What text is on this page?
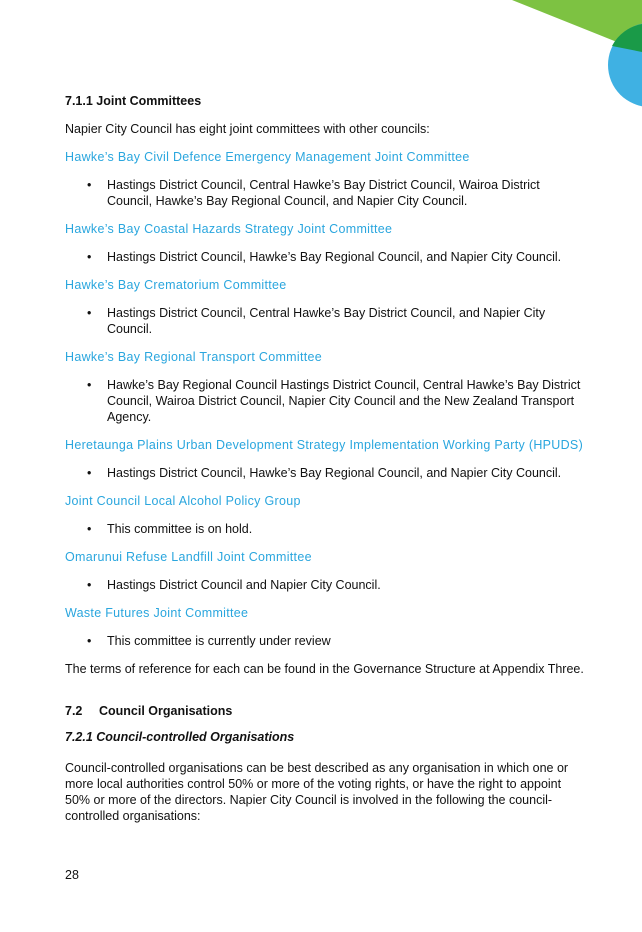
7.1.1 Joint Committees
Napier City Council has eight joint committees with other councils:
Hawke’s Bay Civil Defence Emergency Management Joint Committee
• Hastings District Council, Central Hawke’s Bay District Council, Wairoa District Council, Hawke’s Bay Regional Council, and Napier City Council.
Hawke’s Bay Coastal Hazards Strategy Joint Committee
• Hastings District Council, Hawke’s Bay Regional Council, and Napier City Council.
Hawke’s Bay Crematorium Committee
• Hastings District Council, Central Hawke’s Bay District Council, and Napier City Council.
Hawke’s Bay Regional Transport Committee
• Hawke’s Bay Regional Council Hastings District Council, Central Hawke’s Bay District Council, Wairoa District Council, Napier City Council and the New Zealand Transport Agency.
Heretaunga Plains Urban Development Strategy Implementation Working Party (HPUDS)
• Hastings District Council, Hawke’s Bay Regional Council, and Napier City Council.
Joint Council Local Alcohol Policy Group
• This committee is on hold.
Omarunui Refuse Landfill Joint Committee
• Hastings District Council and Napier City Council.
Waste Futures Joint Committee
• This committee is currently under review
The terms of reference for each can be found in the Governance Structure at Appendix Three.
7.2 Council Organisations
7.2.1 Council-controlled Organisations
Council-controlled organisations can be best described as any organisation in which one or more local authorities control 50% or more of the voting rights, or have the right to appoint 50% or more of the directors. Napier City Council is involved in the following the council-controlled organisations:
28
